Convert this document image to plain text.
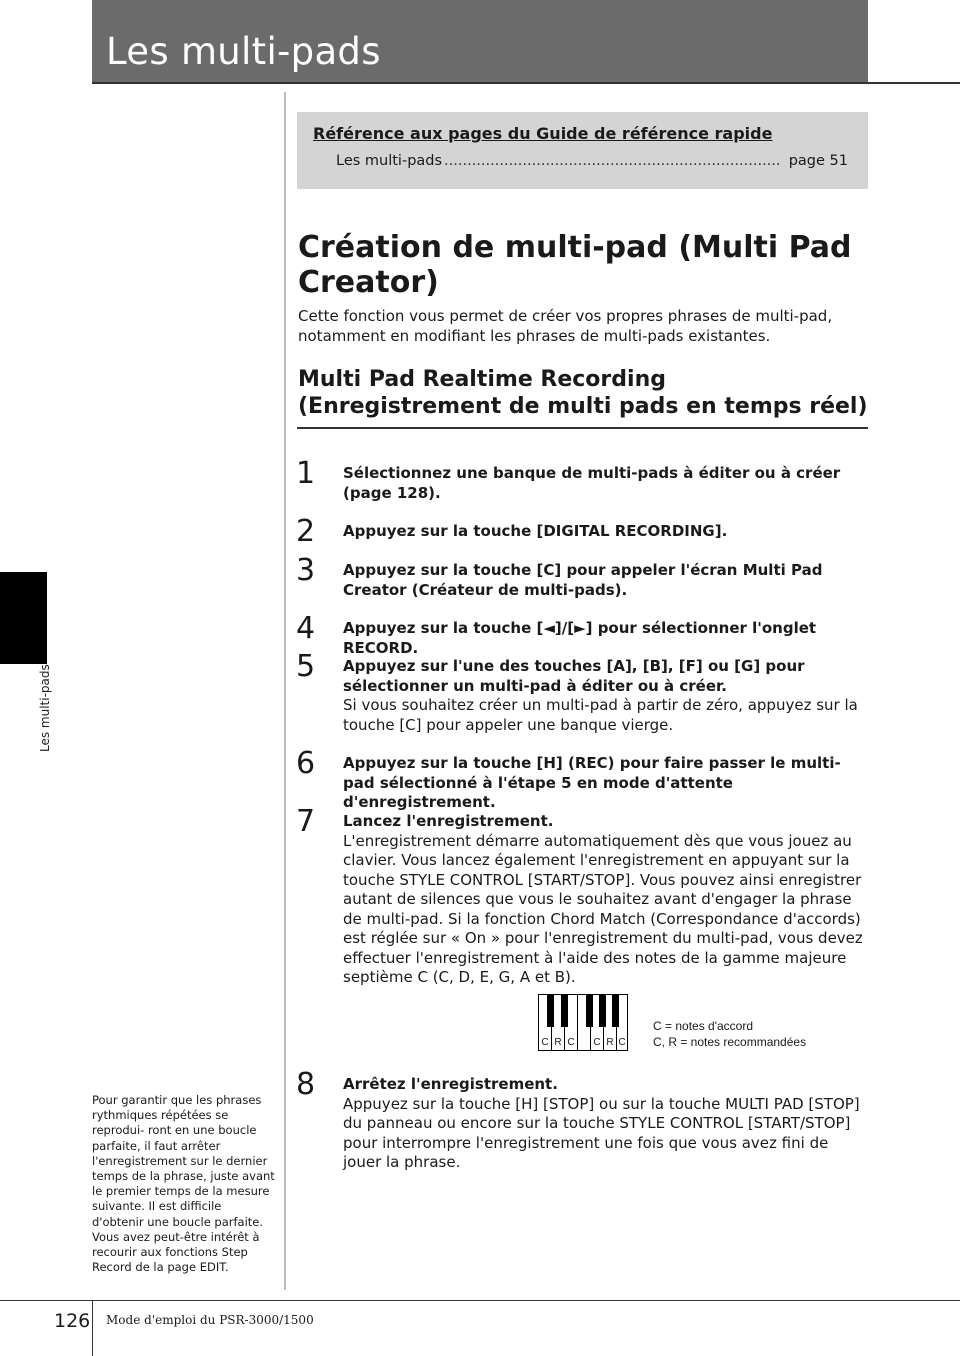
Les multi-pads
Les multi-pads
Référence aux pages du Guide de référence rapide
Les multi-pads
.....	page 51
Création de multi-pad (Multi Pad Creator)

Cette fonction vous permet de créer vos propres phrases de multi-pad, notamment en modifiant les phrases de multi-pads existantes.

Multi Pad Realtime Recording
(Enregistrement de multi pads en temps réel)
1 Sélectionnez une banque de multi-pads à éditer ou à créer (page 128).
2 Appuyez sur la touche [DIGITAL RECORDING].
3 Appuyez sur la touche [C] pour appeler l'écran Multi Pad Creator (Créateur de multi-pads).
4 Appuyez sur la touche [◄]/[►] pour sélectionner l'onglet RECORD.
5 Appuyez sur l'une des touches [A], [B], [F] ou [G] pour sélectionner un multi-pad à éditer ou à créer.
Si vous souhaitez créer un multi-pad à partir de zéro, appuyez sur la touche [C] pour appeler une banque vierge.
6 Appuyez sur la touche [H] (REC) pour faire passer le multi-pad sélectionné à l'étape 5 en mode d'attente d'enregistrement.
7 Lancez l'enregistrement.
L'enregistrement démarre automatiquement dès que vous jouez au clavier. Vous lancez également l'enregistrement en appuyant sur la touche STYLE CONTROL [START/STOP]. Vous pouvez ainsi enregistrer autant de silences que vous le souhaitez avant d'engager la phrase de multi-pad. Si la fonction Chord Match (Correspondance d'accords) est réglée sur « On » pour l'enregistrement du multi-pad, vous devez effectuer l'enregistrement à l'aide des notes de la gamme majeure septième C (C, D, E, G, A et B).
C R C C R C
C = notes d'accord
C, R = notes recommandées
8 Arrêtez l'enregistrement.
Appuyez sur la touche [H] [STOP] ou sur la touche MULTI PAD [STOP] du panneau ou encore sur la touche STYLE CONTROL [START/STOP] pour interrompre l'enregistrement une fois que vous avez fini de jouer la phrase.

Pour garantir que les phrases rythmiques répétées se reprodui- ront en une boucle parfaite, il faut arrêter l'enregistrement sur le dernier temps de la phrase, juste avant le premier temps de la mesure suivante. Il est difficile d'obtenir une boucle parfaite. Vous avez peut-être intérêt à recourir aux fonctions Step Record de la page EDIT.

126 Mode d'emploi du PSR-3000/1500
